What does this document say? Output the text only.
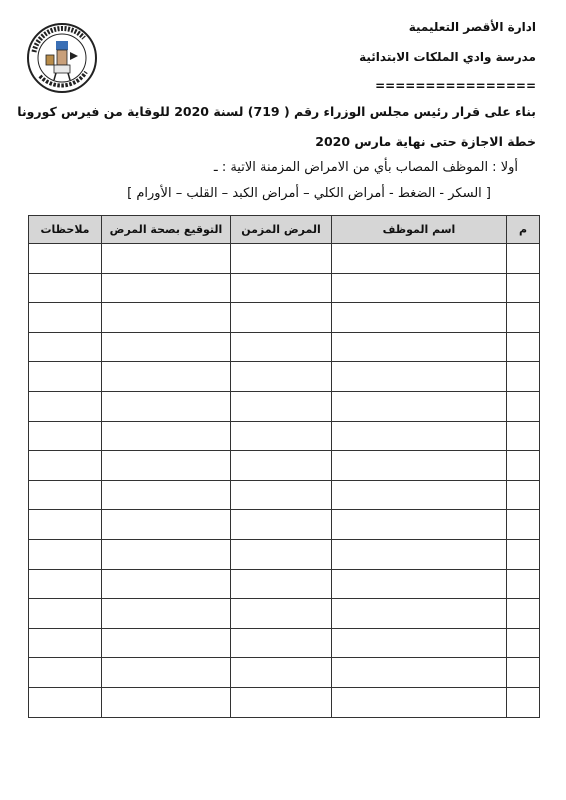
ادارة الأقصر التعليمية
مدرسة وادي الملكات الابتدائية
================
بناء على قرار رئيس مجلس الوزراء رقم ( 719) لسنة 2020 للوقاية من فيرس كورونا
خطة الاجازة حتى نهاية مارس 2020
أولا : الموظف المصاب بأي من الامراض المزمنة الاتية : ـ
[ السكر - الضغط - أمراض الكلي – أمراض الكبد – القلب – الأورام ]
م	اسم الموظف	المرض المزمن	التوقيع بصحة المرض	ملاحظات
